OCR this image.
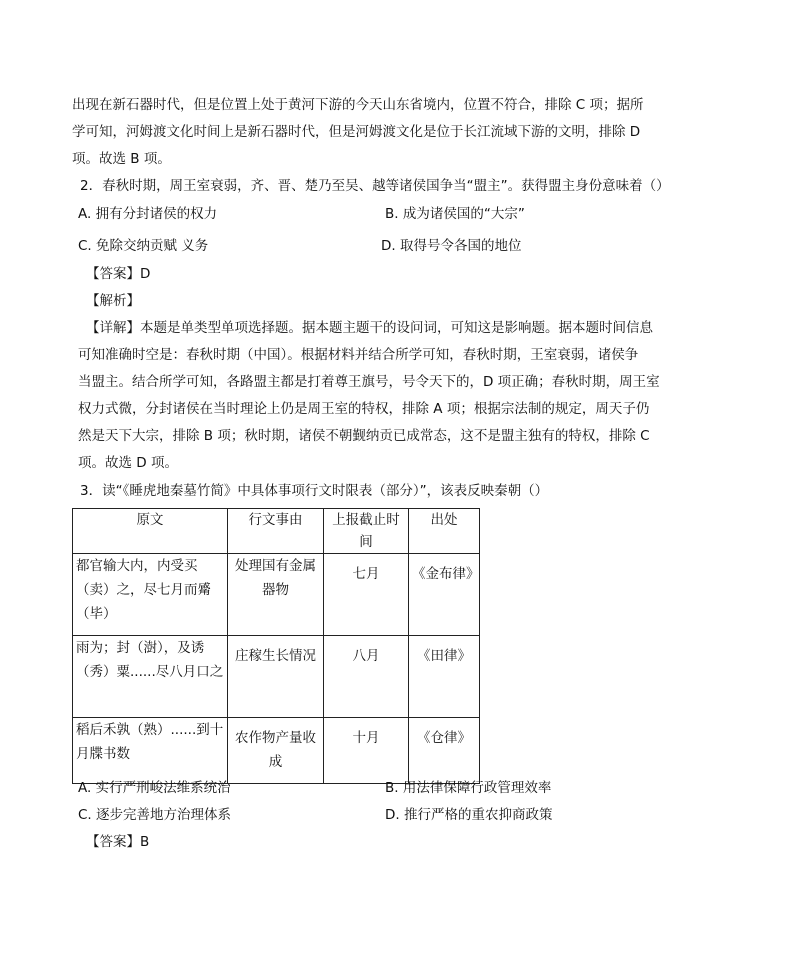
出现在新石器时代，但是位置上处于黄河下游的今天山东省境内，位置不符合，排除 C 项；据所
学可知，河姆渡文化时间上是新石器时代，但是河姆渡文化是位于长江流域下游的文明，排除 D
项。故选 B 项。
2．春秋时期，周王室衰弱，齐、晋、楚乃至吴、越等诸侯国争当“盟主”。获得盟主身份意味着（）
A. 拥有分封诸侯的权力	B. 成为诸侯国的“大宗”
C. 免除交纳贡赋 义务	D. 取得号令各国的地位
【答案】D
【解析】
【详解】本题是单类型单项选择题。据本题主题干的设问词，可知这是影响题。据本题时间信息
可知准确时空是：春秋时期（中国）。根据材料并结合所学可知，春秋时期，王室衰弱，诸侯争
当盟主。结合所学可知，各路盟主都是打着尊王旗号，号令天下的，D 项正确；春秋时期，周王室
权力式微，分封诸侯在当时理论上仍是周王室的特权，排除 A 项；根据宗法制的规定，周天子仍
然是天下大宗，排除 B 项；秋时期，诸侯不朝觐纳贡已成常态，这不是盟主独有的特权，排除 C
项。故选 D 项。
3．读“《睡虎地秦墓竹简》中具体事项行文时限表（部分）”，该表反映秦朝（）
原文	行文事由	上报截止时间	出处
都官输大内，内受买（卖）之，尽七月而觱（毕）	处理国有金属器物	七月	《金布律》
雨为；封（澍），及诱（秀）粟......尽八月口之	庄稼生长情况	八月	《田律》
稻后禾孰（熟）......到十月牒书数	农作物产量收成	十月	《仓律》
A. 实行严刑峻法维系统治	B. 用法律保障行政管理效率
C. 逐步完善地方治理体系	D. 推行严格的重农抑商政策
【答案】B
